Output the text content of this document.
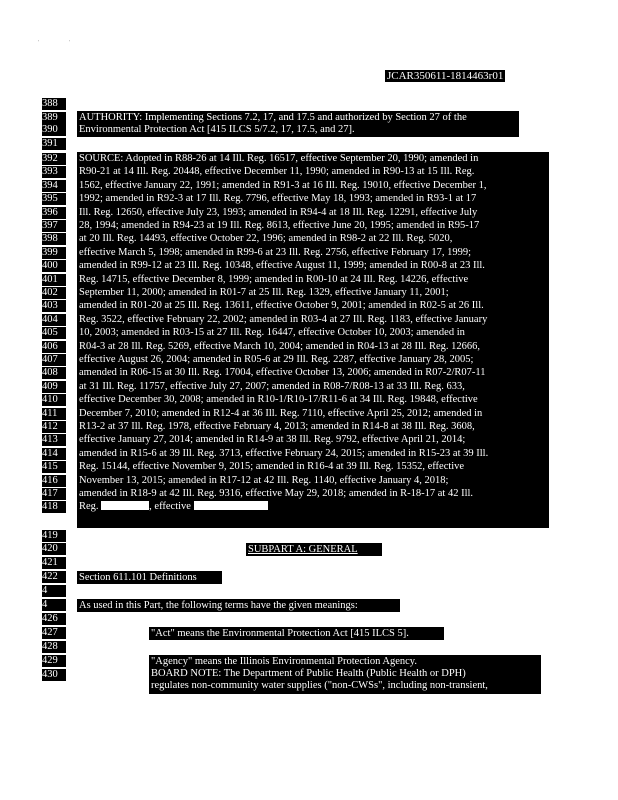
'	'
JCAR350611-1814463r01
388
389
390
391
392
393
394
395
396
397
398
399
400
401
402
403
404
405
406
407
408
409
410
411
412
413
414
415
416
417
418
419
420
421
422
4
4
426
427
428
429
430
AUTHORITY: Implementing Sections 7.2, 17, and 17.5 and authorized by Section 27 of the
Environmental Protection Act [415 ILCS 5/7.2, 17, 17.5, and 27].
SOURCE: Adopted in R88-26 at 14 Ill. Reg. 16517, effective September 20, 1990; amended in
R90-21 at 14 Ill. Reg. 20448, effective December 11, 1990; amended in R90-13 at 15 Ill. Reg.
1562, effective January 22, 1991; amended in R91-3 at 16 Ill. Reg. 19010, effective December 1,
1992; amended in R92-3 at 17 Ill. Reg. 7796, effective May 18, 1993; amended in R93-1 at 17
Ill. Reg. 12650, effective July 23, 1993; amended in R94-4 at 18 Ill. Reg. 12291, effective July
28, 1994; amended in R94-23 at 19 Ill. Reg. 8613, effective June 20, 1995; amended in R95-17
at 20 Ill. Reg. 14493, effective October 22, 1996; amended in R98-2 at 22 Ill. Reg. 5020,
effective March 5, 1998; amended in R99-6 at 23 Ill. Reg. 2756, effective February 17, 1999;
amended in R99-12 at 23 Ill. Reg. 10348, effective August 11, 1999; amended in R00-8 at 23 Ill.
Reg. 14715, effective December 8, 1999; amended in R00-10 at 24 Ill. Reg. 14226, effective
September 11, 2000; amended in R01-7 at 25 Ill. Reg. 1329, effective January 11, 2001;
amended in R01-20 at 25 Ill. Reg. 13611, effective October 9, 2001; amended in R02-5 at 26 Ill.
Reg. 3522, effective February 22, 2002; amended in R03-4 at 27 Ill. Reg. 1183, effective January
10, 2003; amended in R03-15 at 27 Ill. Reg. 16447, effective October 10, 2003; amended in
R04-3 at 28 Ill. Reg. 5269, effective March 10, 2004; amended in R04-13 at 28 Ill. Reg. 12666,
effective August 26, 2004; amended in R05-6 at 29 Ill. Reg. 2287, effective January 28, 2005;
amended in R06-15 at 30 Ill. Reg. 17004, effective October 13, 2006; amended in R07-2/R07-11
at 31 Ill. Reg. 11757, effective July 27, 2007; amended in R08-7/R08-13 at 33 Ill. Reg. 633,
effective December 30, 2008; amended in R10-1/R10-17/R11-6 at 34 Ill. Reg. 19848, effective
December 7, 2010; amended in R12-4 at 36 Ill. Reg. 7110, effective April 25, 2012; amended in
R13-2 at 37 Ill. Reg. 1978, effective February 4, 2013; amended in R14-8 at 38 Ill. Reg. 3608,
effective January 27, 2014; amended in R14-9 at 38 Ill. Reg. 9792, effective April 21, 2014;
amended in R15-6 at 39 Ill. Reg. 3713, effective February 24, 2015; amended in R15-23 at 39 Ill.
Reg. 15144, effective November 9, 2015; amended in R16-4 at 39 Ill. Reg. 15352, effective
November 13, 2015; amended in R17-12 at 42 Ill. Reg. 1140, effective January 4, 2018;
amended in R18-9 at 42 Ill. Reg. 9316, effective May 29, 2018; amended in R-18-17 at 42 Ill.
Reg.	, effective
SUBPART A: GENERAL
Section 611.101 Definitions
As used in this Part, the following terms have the given meanings:
"Act" means the Environmental Protection Act [415 ILCS 5].
"Agency" means the Illinois Environmental Protection Agency.
BOARD NOTE: The Department of Public Health (Public Health or DPH)
regulates non-community water supplies ("non-CWSs", including non-transient,
